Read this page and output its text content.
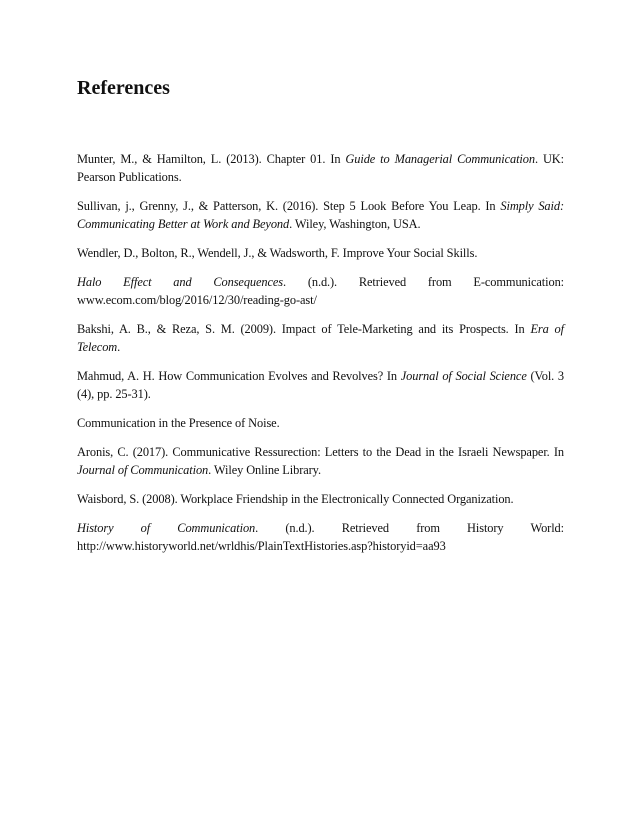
References

Munter, M., & Hamilton, L. (2013). Chapter 01. In Guide to Managerial Communication. UK: Pearson Publications.

Sullivan, j., Grenny, J., & Patterson, K. (2016). Step 5 Look Before You Leap. In Simply Said: Communicating Better at Work and Beyond. Wiley, Washington, USA.

Wendler, D., Bolton, R., Wendell, J., & Wadsworth, F. Improve Your Social Skills.

Halo Effect and Consequences. (n.d.). Retrieved from E-communication:
www.ecom.com/blog/2016/12/30/reading-go-ast/

Bakshi, A. B., & Reza, S. M. (2009). Impact of Tele-Marketing and its Prospects. In Era of Telecom.

Mahmud, A. H. How Communication Evolves and Revolves? In Journal of Social Science (Vol. 3 (4), pp. 25-31).

Communication in the Presence of Noise.

Aronis, C. (2017). Communicative Ressurection: Letters to the Dead in the Israeli Newspaper. In Journal of Communication. Wiley Online Library.

Waisbord, S. (2008). Workplace Friendship in the Electronically Connected Organization.

History of Communication. (n.d.). Retrieved from History World:
http://www.historyworld.net/wrldhis/PlainTextHistories.asp?historyid=aa93
